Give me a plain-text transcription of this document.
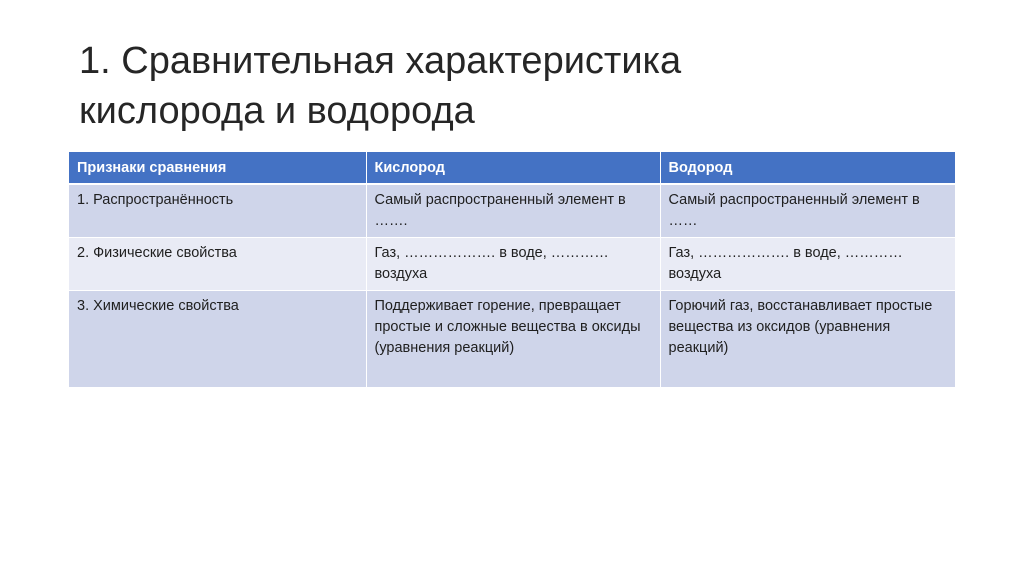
1. Сравнительная характеристика
кислорода и водорода
Признаки сравнения	Кислород	Водород
1. Распространённость	Самый распространенный элемент в …….	Самый распространенный элемент в ……
2. Физические свойства	Газ, ………………. в воде, ………… воздуха	Газ, ………………. в воде, ………… воздуха
3. Химические свойства	Поддерживает горение, превращает простые и сложные вещества в оксиды (уравнения реакций)	Горючий газ, восстанавливает простые вещества из оксидов (уравнения реакций)
